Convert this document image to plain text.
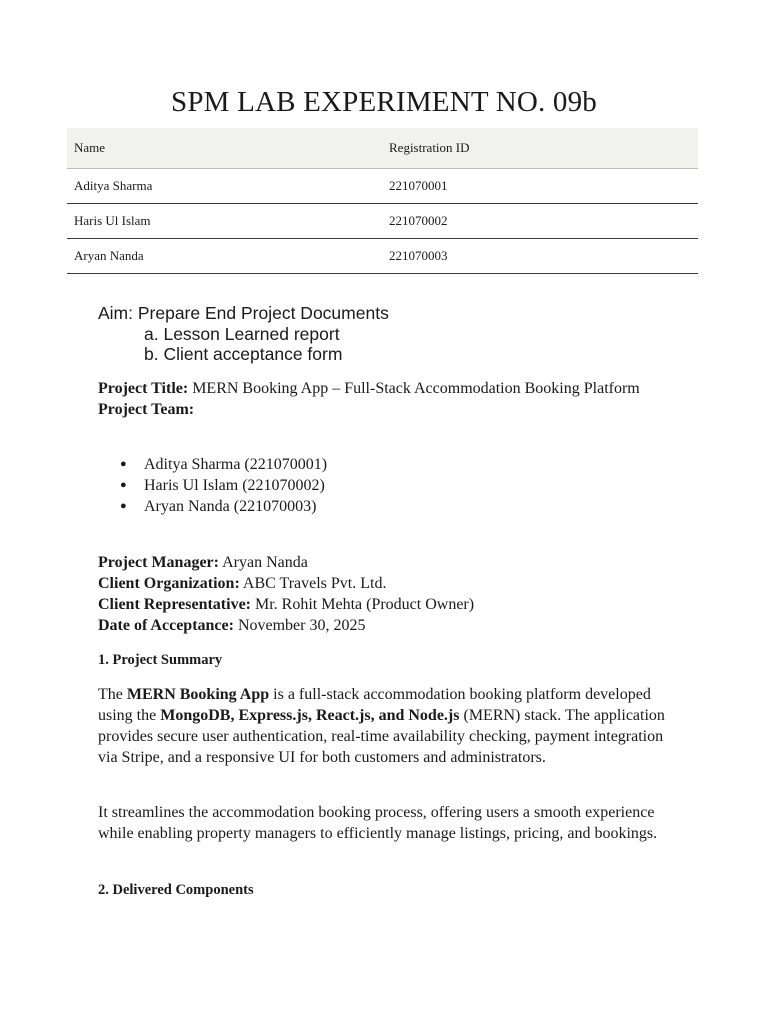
SPM LAB EXPERIMENT NO. 09b
Name	Registration ID
Aditya Sharma	221070001
Haris Ul Islam	221070002
Aryan Nanda	221070003
Aim: Prepare End Project Documents
a. Lesson Learned report
b. Client acceptance form
Project Title: MERN Booking App – Full-Stack Accommodation Booking Platform
Project Team:
● Aditya Sharma (221070001)
● Haris Ul Islam (221070002)
● Aryan Nanda (221070003)
Project Manager: Aryan Nanda
Client Organization: ABC Travels Pvt. Ltd.
Client Representative: Mr. Rohit Mehta (Product Owner)
Date of Acceptance: November 30, 2025
1. Project Summary

The MERN Booking App is a full-stack accommodation booking platform developed using the MongoDB, Express.js, React.js, and Node.js (MERN) stack. The application provides secure user authentication, real-time availability checking, payment integration via Stripe, and a responsive UI for both customers and administrators.

It streamlines the accommodation booking process, offering users a smooth experience while enabling property managers to efficiently manage listings, pricing, and bookings.

2. Delivered Components
